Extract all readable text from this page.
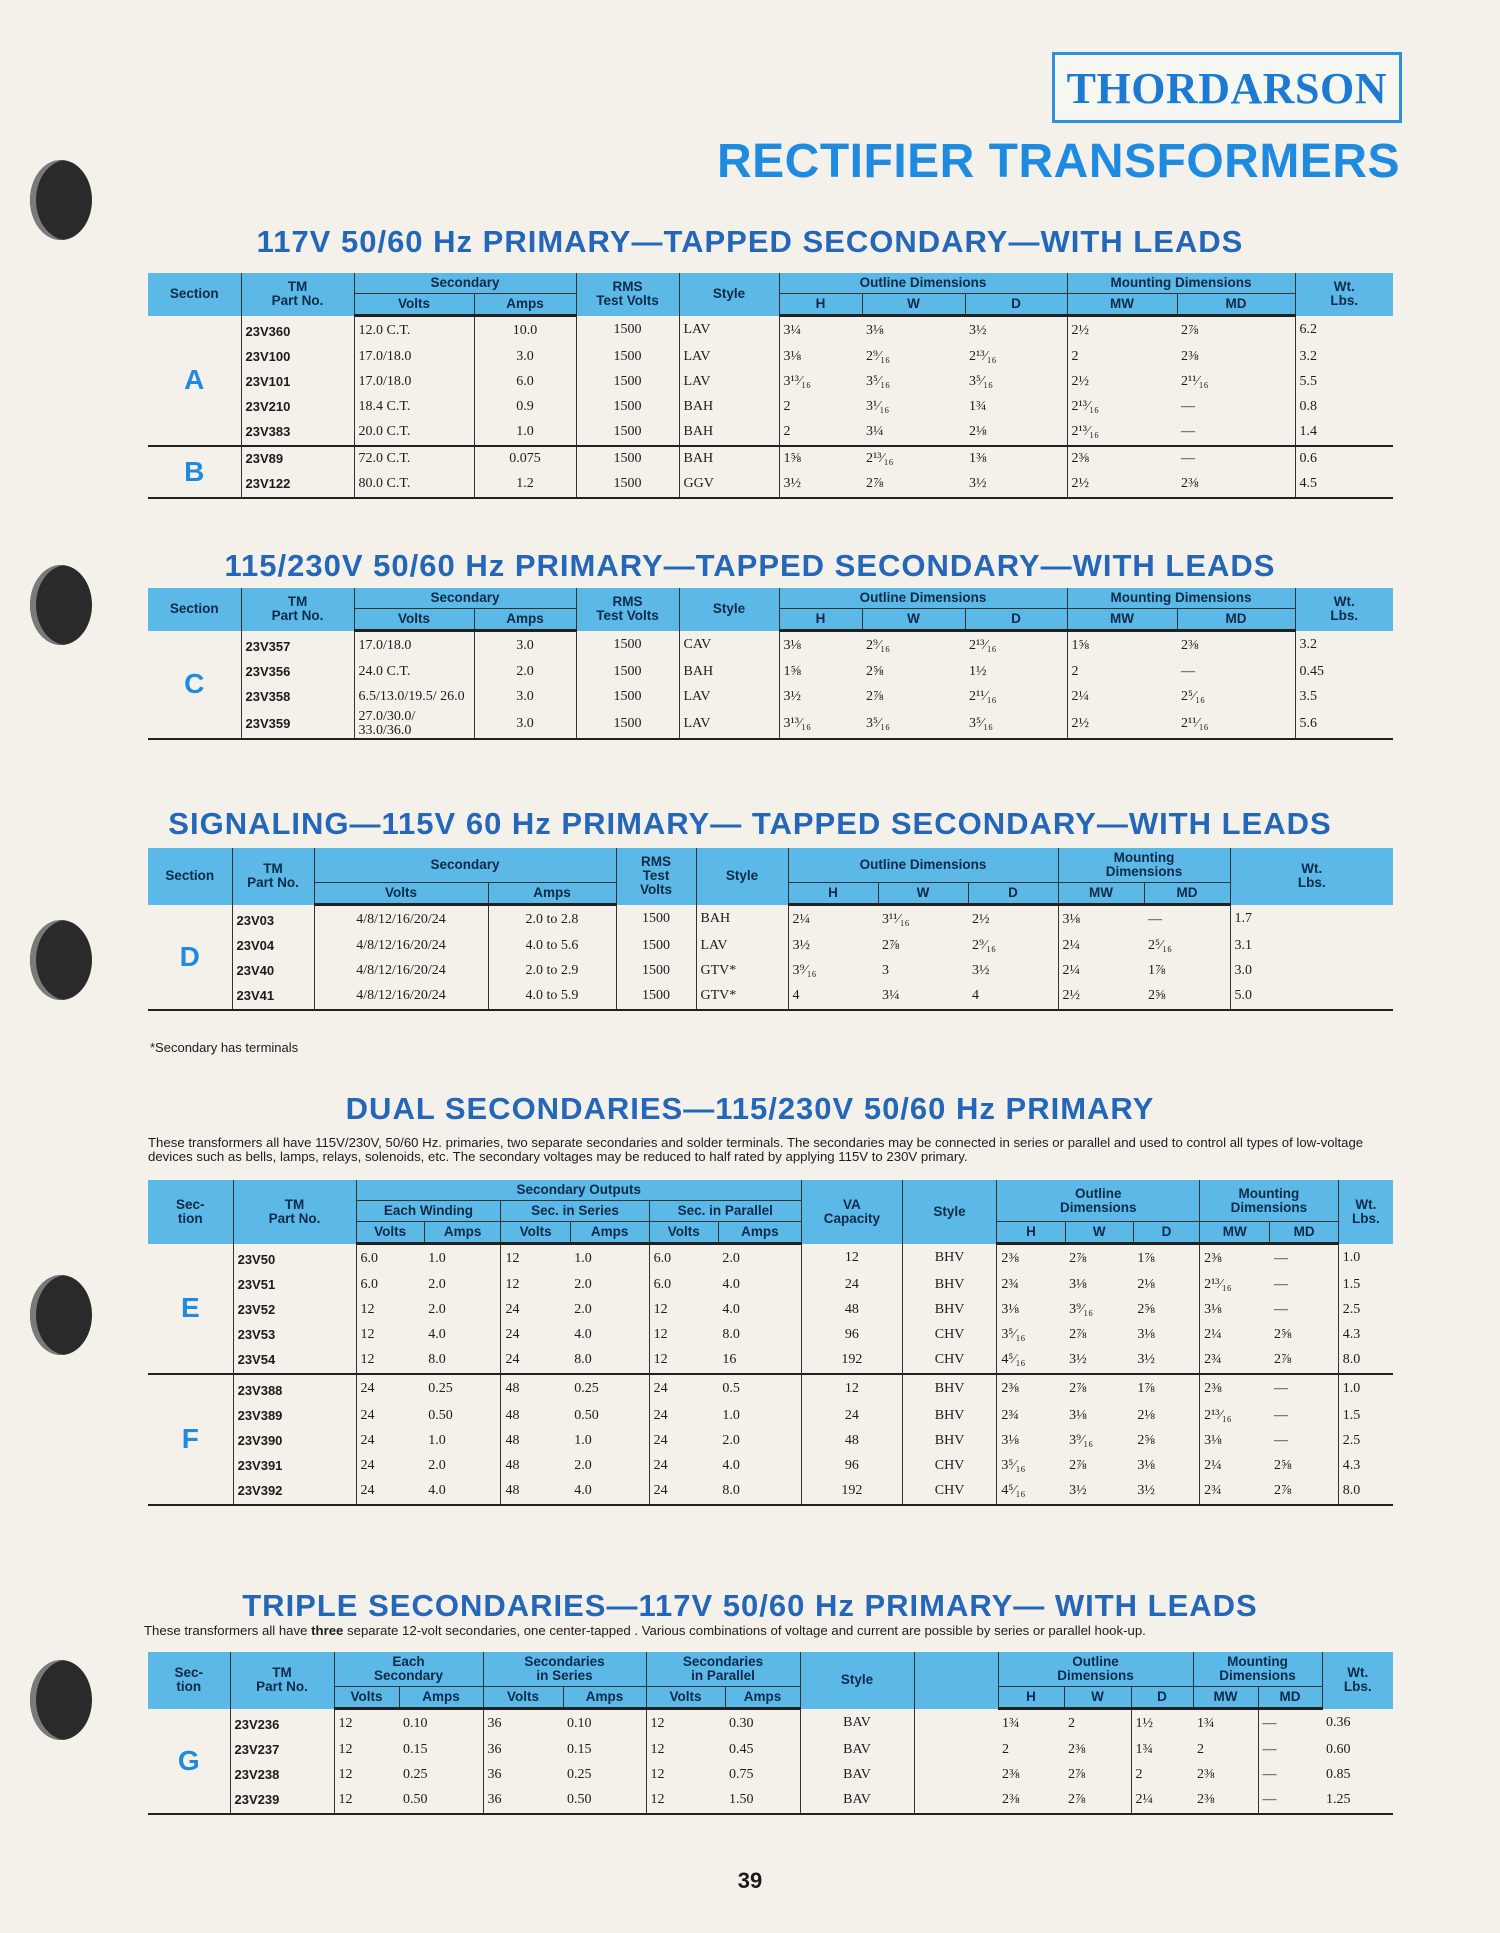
THORDARSON
RECTIFIER TRANSFORMERS
117V 50/60 Hz PRIMARY—TAPPED SECONDARY—WITH LEADS
Section	TM
Part No.	Secondary		RMS
Test Volts	Style	Outline Dimensions			Mounting Dimensions		Wt.
Lbs.
		Volts	Amps			H	W	D	MW	MD	
A	23V360	12.0 C.T.	10.0	1500	LAV	3¼	3⅛	3½	2½	2⅞	6.2
	23V100	17.0/18.0	3.0	1500	LAV	3⅛	2⁹⁄₁₆	2¹³⁄₁₆	2	2⅜	3.2
	23V101	17.0/18.0	6.0	1500	LAV	3¹³⁄₁₆	3⁵⁄₁₆	3⁵⁄₁₆	2½	2¹¹⁄₁₆	5.5
	23V210	18.4 C.T.	0.9	1500	BAH	2	3¹⁄₁₆	1¾	2¹³⁄₁₆	—	0.8
	23V383	20.0 C.T.	1.0	1500	BAH	2	3¼	2⅛	2¹³⁄₁₆	—	1.4
B	23V89	72.0 C.T.	0.075	1500	BAH	1⅝	2¹³⁄₁₆	1⅜	2⅜	—	0.6
	23V122	80.0 C.T.	1.2	1500	GGV	3½	2⅞	3½	2½	2⅜	4.5
115/230V 50/60 Hz PRIMARY—TAPPED SECONDARY—WITH LEADS
Section	TM
Part No.	Secondary		RMS
Test Volts	Style	Outline Dimensions			Mounting Dimensions		Wt.
Lbs.
		Volts	Amps			H	W	D	MW	MD	
C	23V357	17.0/18.0	3.0	1500	CAV	3⅛	2⁹⁄₁₆	2¹³⁄₁₆	1⅝	2⅜	3.2
	23V356	24.0 C.T.	2.0	1500	BAH	1⅝	2⅝	1½	2	—	0.45
	23V358	6.5/13.0/19.5/ 26.0	3.0	1500	LAV	3½	2⅞	2¹¹⁄₁₆	2¼	2⁵⁄₁₆	3.5
	23V359	27.0/30.0/ 33.0/36.0	3.0	1500	LAV	3¹³⁄₁₆	3⁵⁄₁₆	3⁵⁄₁₆	2½	2¹¹⁄₁₆	5.6
SIGNALING—115V 60 Hz PRIMARY— TAPPED SECONDARY—WITH LEADS
Section	TM
Part No.	Secondary		RMS
Test
Volts	Style	Outline Dimensions			Mounting
Dimensions		Wt.
Lbs.
		Volts	Amps			H	W	D	MW	MD	
D	23V03	4/8/12/16/20/24	2.0 to 2.8	1500	BAH	2¼	3¹¹⁄₁₆	2½	3⅛	—	1.7
	23V04	4/8/12/16/20/24	4.0 to 5.6	1500	LAV	3½	2⅞	2⁹⁄₁₆	2¼	2⁵⁄₁₆	3.1
	23V40	4/8/12/16/20/24	2.0 to 2.9	1500	GTV*	3⁹⁄₁₆	3	3½	2¼	1⅞	3.0
	23V41	4/8/12/16/20/24	4.0 to 5.9	1500	GTV*	4	3¼	4	2½	2⅝	5.0
*Secondary has terminals
DUAL SECONDARIES—115/230V 50/60 Hz PRIMARY
These transformers all have 115V/230V, 50/60 Hz. primaries, two separate secondaries and solder terminals. The secondaries may be connected in series or parallel and used to control all types of low-voltage devices such as bells, lamps, relays, solenoids, etc. The secondary voltages may be reduced to half rated by applying 115V to 230V primary.
Sec-
tion	TM
Part No.	Secondary Outputs						VA
Capacity	Style	Outline
Dimensions			Mounting
Dimensions		Wt.
Lbs.
		Each Winding		Sec. in Series		Sec. in Parallel									
		Volts	Amps	Volts	Amps	Volts	Amps			H	W	D	MW	MD	
E	23V50	6.0	1.0	12	1.0	6.0	2.0	12	BHV	2⅜	2⅞	1⅞	2⅜	—	1.0
	23V51	6.0	2.0	12	2.0	6.0	4.0	24	BHV	2¾	3⅛	2⅛	2¹³⁄₁₆	—	1.5
	23V52	12	2.0	24	2.0	12	4.0	48	BHV	3⅛	3⁹⁄₁₆	2⅝	3⅛	—	2.5
	23V53	12	4.0	24	4.0	12	8.0	96	CHV	3⁵⁄₁₆	2⅞	3⅛	2¼	2⅝	4.3
	23V54	12	8.0	24	8.0	12	16	192	CHV	4⁵⁄₁₆	3½	3½	2¾	2⅞	8.0
F	23V388	24	0.25	48	0.25	24	0.5	12	BHV	2⅜	2⅞	1⅞	2⅜	—	1.0
	23V389	24	0.50	48	0.50	24	1.0	24	BHV	2¾	3⅛	2⅛	2¹³⁄₁₆	—	1.5
	23V390	24	1.0	48	1.0	24	2.0	48	BHV	3⅛	3⁹⁄₁₆	2⅝	3⅛	—	2.5
	23V391	24	2.0	48	2.0	24	4.0	96	CHV	3⁵⁄₁₆	2⅞	3⅛	2¼	2⅝	4.3
	23V392	24	4.0	48	4.0	24	8.0	192	CHV	4⁵⁄₁₆	3½	3½	2¾	2⅞	8.0
TRIPLE SECONDARIES—117V 50/60 Hz PRIMARY— WITH LEADS
These transformers all have three separate 12-volt secondaries, one center-tapped . Various combinations of voltage and current are possible by series or parallel hook-up.
Sec-
tion	TM
Part No.	Each
Secondary		Secondaries
in Series		Secondaries
in Parallel		Style		Outline
Dimensions			Mounting
Dimensions		Wt.
Lbs.
		Volts	Amps	Volts	Amps	Volts	Amps			H	W	D	MW	MD	
G	23V236	12	0.10	36	0.10	12	0.30	BAV		1¾	2	1½	1¾	—	0.36
	23V237	12	0.15	36	0.15	12	0.45	BAV		2	2⅜	1¾	2	—	0.60
	23V238	12	0.25	36	0.25	12	0.75	BAV		2⅜	2⅞	2	2⅜	—	0.85
	23V239	12	0.50	36	0.50	12	1.50	BAV		2⅜	2⅞	2¼	2⅜	—	1.25
39
